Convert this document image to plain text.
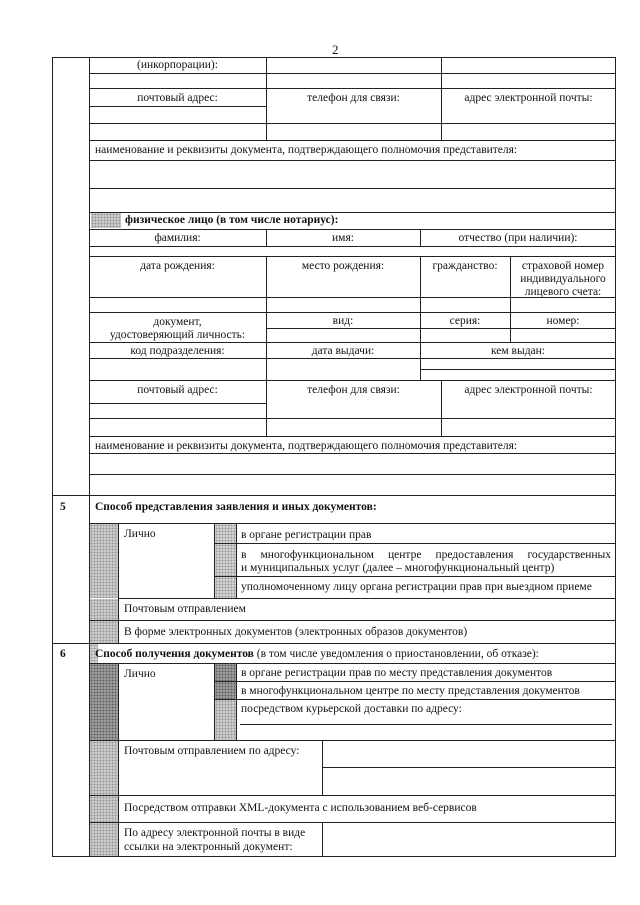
2
(инкорпорации):
почтовый адрес:	телефон для связи:	адрес электронной почты:
наименование и реквизиты документа, подтверждающего полномочия представителя:
физическое лицо (в том числе нотариус):
фамилия:	имя:	отчество (при наличии):
дата рождения:	место рождения:	гражданство:	страховой номер
индивидуального
лицевого счета:
документ,
удостоверяющий личность:
вид:	серия:	номер:
код подразделения:	дата выдачи:	кем выдан:
почтовый адрес:	телефон для связи:	адрес электронной почты:
наименование и реквизиты документа, подтверждающего полномочия представителя:
5	Способ представления заявления и иных документов:
Лично	в органе регистрации прав
в многофункциональном центре предоставления государственных
и муниципальных услуг (далее – многофункциональный центр)
уполномоченному лицу органа регистрации прав при выездном приеме
Почтовым отправлением
В форме электронных документов (электронных образов документов)
6	Способ получения документов (в том числе уведомления о приостановлении, об отказе):
Лично	в органе регистрации прав по месту представления документов
в многофункциональном центре по месту представления документов
посредством курьерской доставки по адресу:
Почтовым отправлением по адресу:
Посредством отправки XML-документа с использованием веб-сервисов
По адресу электронной почты в виде
ссылки на электронный документ:
